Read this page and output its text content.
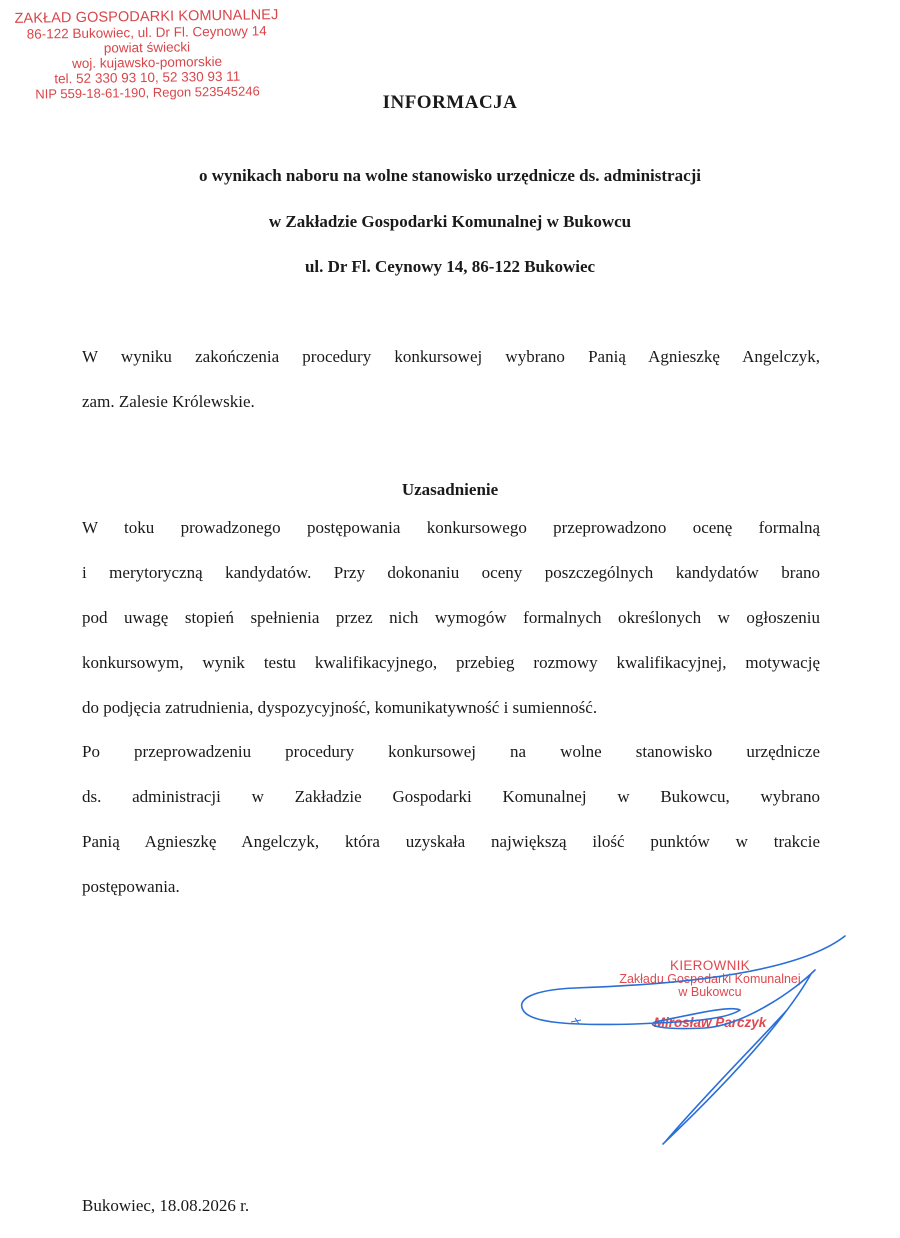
ZAKŁAD GOSPODARKI KOMUNALNEJ
86-122 Bukowiec, ul. Dr Fl. Ceynowy 14
powiat świecki
woj. kujawsko-pomorskie
tel. 52 330 93 10, 52 330 93 11
NIP 559-18-61-190, Regon 523545246	INFORMACJA
o wynikach naboru na wolne stanowisko urzędnicze ds. administracji
w Zakładzie Gospodarki Komunalnej w Bukowcu
ul. Dr Fl. Ceynowy 14, 86-122 Bukowiec
W wyniku zakończenia procedury konkursowej wybrano Panią Agnieszkę Angelczyk,
zam. Zalesie Królewskie.
Uzasadnienie
W toku prowadzonego postępowania konkursowego przeprowadzono ocenę formalną
i merytoryczną kandydatów. Przy dokonaniu oceny poszczególnych kandydatów brano
pod uwagę stopień spełnienia przez nich wymogów formalnych określonych w ogłoszeniu
konkursowym, wynik testu kwalifikacyjnego, przebieg rozmowy kwalifikacyjnej, motywację
do podjęcia zatrudnienia, dyspozycyjność, komunikatywność i sumienność.
Po przeprowadzeniu procedury konkursowej na wolne stanowisko urzędnicze
ds. administracji w Zakładzie Gospodarki Komunalnej w Bukowcu, wybrano
Panią Agnieszkę Angelczyk, która uzyskała największą ilość punktów w trakcie
postępowania.
KIEROWNIK
Zakładu Gospodarki Komunalnej
w Bukowcu
Mirosław Parczyk
Bukowiec, 18.08.2026 r.
